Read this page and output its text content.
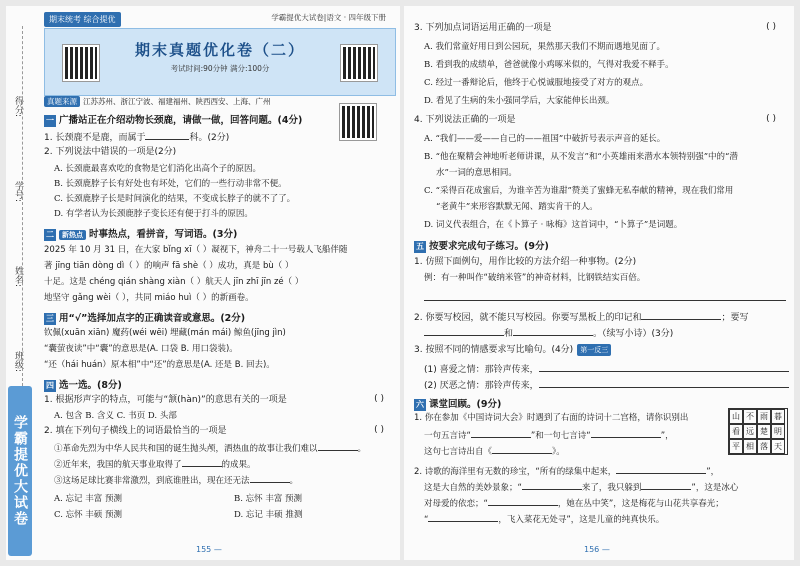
得分:
学号:
姓名:
班级:
学霸提优大试卷
期末统考 综合提优	学霸提优大试卷|语文 · 四年级下册
期末真题优化卷（二）
考试时间:90分钟 满分:100分
真题来源 江苏苏州、浙江宁波、福建福州、陕西西安、上海、广州
一 广播站正在介绍动物长颈鹿，请做一做，回答问题。(4分)
1. 长颈鹿不是鹿，而属于	科。(2分)
2. 下列说法中错误的一项是(2分)
A. 长颈鹿最喜欢吃的食物是它们消化出高个子的原因。
B. 长颈鹿脖子长有好处也有坏处，它们的一些行动非常不便。
C. 长颈鹿脖子长是时间演化的结果，不变成长脖子的就不了了。
D. 有学者认为长颈鹿脖子变长还有便于打斗的原因。
二 新热点 时事热点，看拼音，写词语。(3分)
2025 年 10 月 31 日，在大家 bǐng xī（ ）凝视下，神舟二十一号载人飞船伴随
著 jīng tiān dòng dì（ ）的响声 fā shè（ ）成功，真是 bù（ ）
十足。这是 chéng qián shàng xiàn（ ）航天人 jīn zhī jīn zé（ ）
地坚守 gǎng wèi（ ），共同 miáo huì（ ）的新画卷。
三 用“√”选择加点字的正确读音或意思。(2分)
钦佩(xuān xiān) 魔药(wéi wēi) 埋藏(mán mái) 鲸鱼(jīng jìn)
“囊萤夜读”中“囊”的意思是(A. 口袋 B. 用口袋装)。
“还（hái huán）原本相”中“还”的意思是(A. 还是 B. 回去)。
四 选一选。(8分)
1. 根据形声字的特点，可能与“颔(hàn)”的意思有关的一项是	( )
A. 包含 B. 含义 C. 书页 D. 头部
2. 填在下列句子横线上的词语最恰当的一项是	( )
①革命先烈为中华人民共和国的诞生抛头颅，洒热血的故事让我们难以	。
②近年来，我国的航天事业取得了	的成果。
③这场足球比赛非常激烈，到底谁胜出，现在还无法	。
A. 忘记 丰富 预测	B. 忘怀 丰富 预测
C. 忘怀 丰硕 预测	D. 忘记 丰硕 推测
155 —
3. 下列加点词语运用正确的一项是	( )
A. 我们常童好用日到公园玩，果然那天我们不期而遇地见面了。
B. 看到我的成绩单，爸爸就像小鸡啄米似的，气得对我爱不释手。
C. 经过一番辩论后，他终于心悦诚服地接受了对方的观点。
D. 看见了生病的朱小强同学后，大家能伸长出颈。
4. 下列说法正确的一项是	( )
A. “我们——爱——自己的——祖国”中破折号表示声音的延长。
B. “他在聚精会神地听老师讲课，从不发言”和“小英雄雨来潜水本领特别强”中的“潜
水”一词的意思相同。
C. “采得百花成蜜后，为谁辛苦为谁甜”赞美了蜜蜂无私奉献的精神，现在我们常用
“老黄牛”来形容默默无闻、踏实肯干的人。
D. 词义代表组合，在《卜算子 · 咏梅》这首词中，“卜算子”是词题。
五 按要求完成句子练习。(9分)
1. 仿照下面例句，用作比较的方法介绍一种事物。(2分)
例：有一种叫作“破纳米管”的神奇材料，比钢铁结实百倍。
2. 你要写校园，就不能只写校园。你要写黑板上的印记和	；要写
和	。（续写小诗）(3分)
3. 按照不同的情感要求写比喻句。(4分) 第一反三
(1) 喜爱之情：那铃声传来，
(2) 厌恶之情：那铃声传来，
六 课堂回顾。(9分)
1. 你在参加《中国诗词大会》时遇到了右面的诗词十二宫格，请你识别出
一句五言诗“	”和一句七言诗“	”，
这句七言诗出自《	》。
2. 诗歌的海洋里有无数的珍宝，“所有的绿集中起来，	”，
这是大自然的美妙景象；“	来了，我只躲到	”，这是冰心
对母爱的依恋；“	，她在丛中笑”，这是梅花与山花共享春光；
“	，飞入菜花无处寻”，这是儿童的纯真快乐。
山 不 雨 暮
看 远 楚 明
平 相 落 天
156 —
